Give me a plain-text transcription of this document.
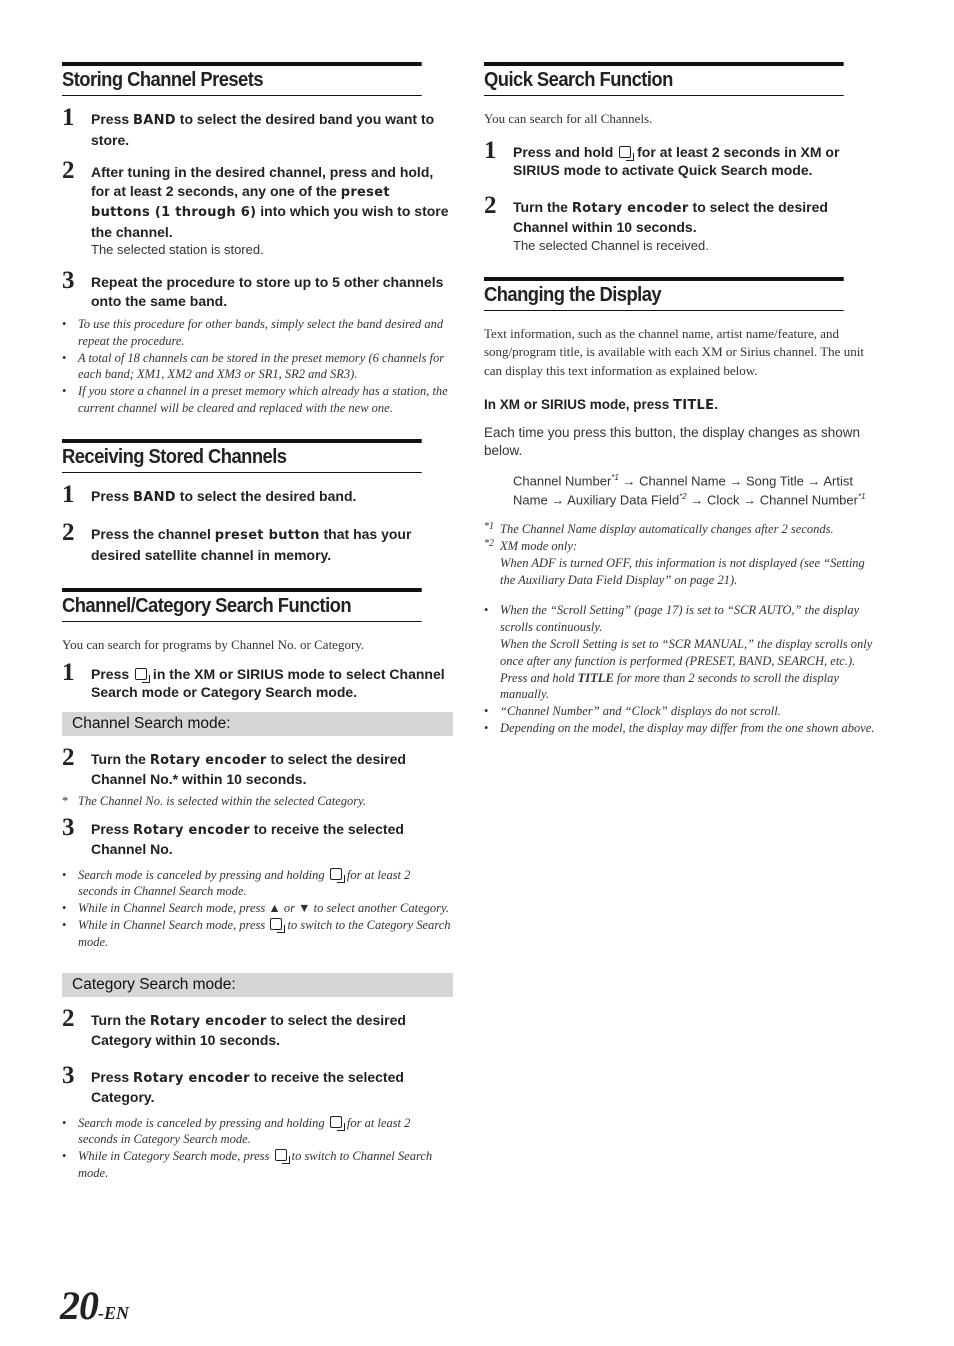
Storing Channel Presets
1 Press BAND to select the desired band you want to store.
2 After tuning in the desired channel, press and hold, for at least 2 seconds, any one of the preset buttons (1 through 6) into which you wish to store the channel.
The selected station is stored.
3 Repeat the procedure to store up to 5 other channels onto the same band.
• To use this procedure for other bands, simply select the band desired and repeat the procedure.
• A total of 18 channels can be stored in the preset memory (6 channels for each band; XM1, XM2 and XM3 or SR1, SR2 and SR3).
• If you store a channel in a preset memory which already has a station, the current channel will be cleared and replaced with the new one.
Receiving Stored Channels
1 Press BAND to select the desired band.
2 Press the channel preset button that has your desired satellite channel in memory.
Channel/Category Search Function
You can search for programs by Channel No. or Category.
1 Press  in the XM or SIRIUS mode to select Channel Search mode or Category Search mode.
Channel Search mode:
2 Turn the Rotary encoder to select the desired Channel No.* within 10 seconds.
* The Channel No. is selected within the selected Category.
3 Press Rotary encoder to receive the selected Channel No.
• Search mode is canceled by pressing and holding  for at least 2 seconds in Channel Search mode.
• While in Channel Search mode, press ▲ or ▼ to select another Category.
• While in Channel Search mode, press  to switch to the Category Search mode.
Category Search mode:
2 Turn the Rotary encoder to select the desired Category within 10 seconds.
3 Press Rotary encoder to receive the selected Category.
• Search mode is canceled by pressing and holding  for at least 2 seconds in Category Search mode.
• While in Category Search mode, press  to switch to Channel Search mode.
Quick Search Function
You can search for all Channels.
1 Press and hold  for at least 2 seconds in XM or SIRIUS mode to activate Quick Search mode.
2 Turn the Rotary encoder to select the desired Channel within 10 seconds.
The selected Channel is received.
Changing the Display
Text information, such as the channel name, artist name/feature, and song/program title, is available with each XM or Sirius channel. The unit can display this text information as explained below.
In XM or SIRIUS mode, press TITLE.
Each time you press this button, the display changes as shown below.
Channel Number$^{*1}$ → Channel Name → Song Title → Artist Name → Auxiliary Data Field$^{*2}$ → Clock → Channel Number$^{*1}$
*1 The Channel Name display automatically changes after 2 seconds.
*2 XM mode only:
When ADF is turned OFF, this information is not displayed (see “Setting the Auxiliary Data Field Display” on page 21).
• When the “Scroll Setting” (page 17) is set to “SCR AUTO,” the display scrolls continuously.
When the Scroll Setting is set to “SCR MANUAL,” the display scrolls only once after any function is performed (PRESET, BAND, SEARCH, etc.).
Press and hold TITLE for more than 2 seconds to scroll the display manually.
• “Channel Number” and “Clock” displays do not scroll.
• Depending on the model, the display may differ from the one shown above.
20-EN
